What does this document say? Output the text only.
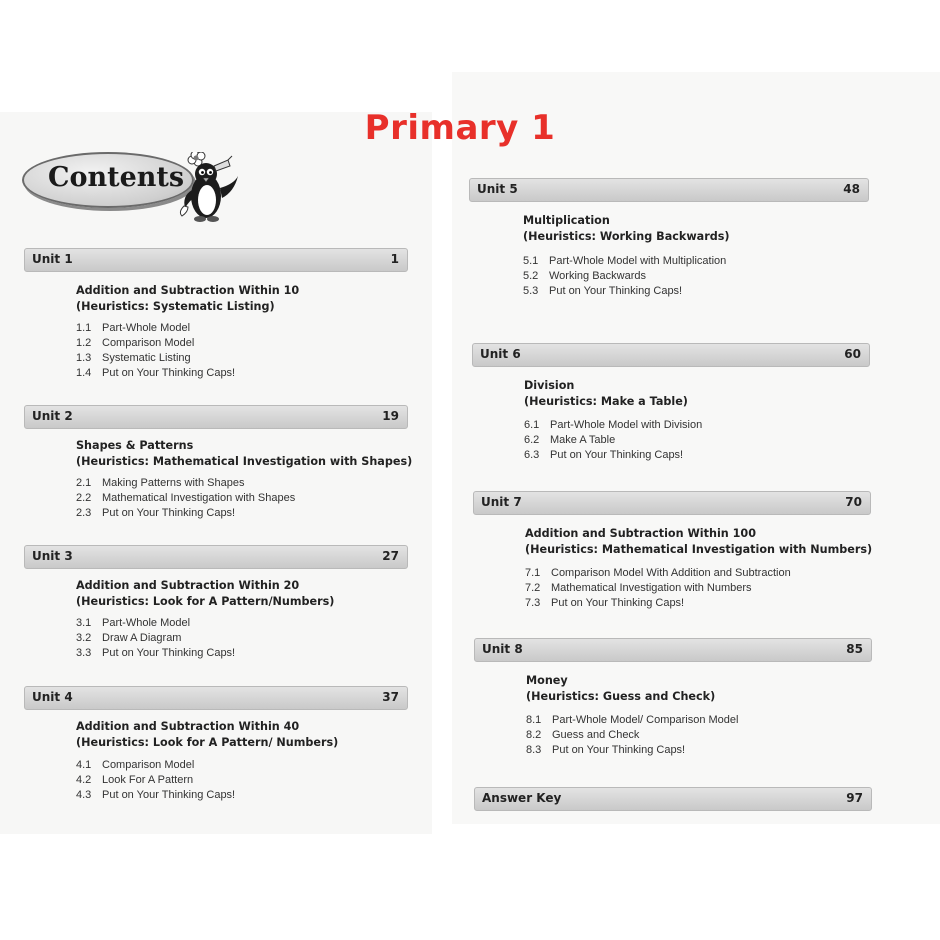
Primary 1
Contents
Unit 1	1
Addition and Subtraction Within 10
(Heuristics: Systematic Listing)
1.1 Part-Whole Model
1.2 Comparison Model
1.3 Systematic Listing
1.4 Put on Your Thinking Caps!
Unit 2	19
Shapes & Patterns
(Heuristics: Mathematical Investigation with Shapes)
2.1 Making Patterns with Shapes
2.2 Mathematical Investigation with Shapes
2.3 Put on Your Thinking Caps!
Unit 3	27
Addition and Subtraction Within 20
(Heuristics: Look for A Pattern/Numbers)
3.1 Part-Whole Model
3.2 Draw A Diagram
3.3 Put on Your Thinking Caps!
Unit 4	37
Addition and Subtraction Within 40
(Heuristics: Look for A Pattern/ Numbers)
4.1 Comparison Model
4.2 Look For A Pattern
4.3 Put on Your Thinking Caps!
Unit 5	48
Multiplication
(Heuristics: Working Backwards)
5.1 Part-Whole Model with Multiplication
5.2 Working Backwards
5.3 Put on Your Thinking Caps!
Unit 6	60
Division
(Heuristics: Make a Table)
6.1 Part-Whole Model with Division
6.2 Make A Table
6.3 Put on Your Thinking Caps!
Unit 7	70
Addition and Subtraction Within 100
(Heuristics: Mathematical Investigation with Numbers)
7.1 Comparison Model With Addition and Subtraction
7.2 Mathematical Investigation with Numbers
7.3 Put on Your Thinking Caps!
Unit 8	85
Money
(Heuristics: Guess and Check)
8.1 Part-Whole Model/ Comparison Model
8.2 Guess and Check
8.3 Put on Your Thinking Caps!
Answer Key	97
